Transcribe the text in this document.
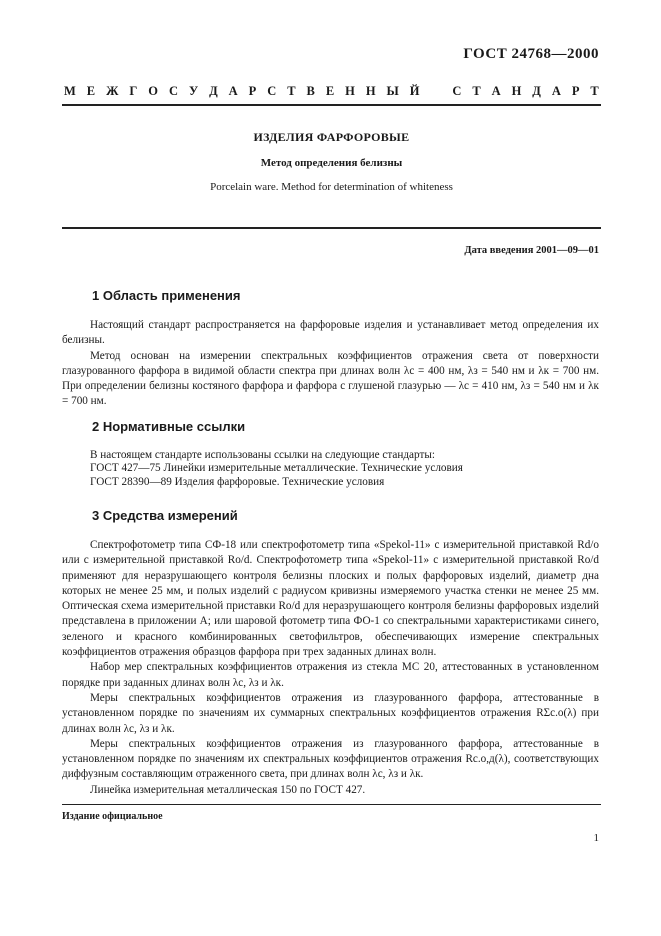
ГОСТ 24768—2000
М Е Ж Г О С У Д А Р С Т В Е Н Н Ы Й	С Т А Н Д А Р Т
ИЗДЕЛИЯ ФАРФОРОВЫЕ
Метод определения белизны
Porcelain ware. Method for determination of whiteness
Дата введения 2001—09—01
1 Область применения

Настоящий стандарт распространяется на фарфоровые изделия и устанавливает метод определения их белизны.

Метод основан на измерении спектральных коэффициентов отражения света от поверхности глазурованного фарфора в видимой области спектра при длинах волн λс = 400 нм, λз = 540 нм и λк = 700 нм. При определении белизны костяного фарфора и фарфора с глушеной глазурью — λс = 410 нм, λз = 540 нм и λк = 700 нм.

2 Нормативные ссылки

В настоящем стандарте использованы ссылки на следующие стандарты:

ГОСТ 427—75 Линейки измерительные металлические. Технические условия
ГОСТ 28390—89 Изделия фарфоровые. Технические условия
3 Средства измерений

Спектрофотометр типа СФ-18 или спектрофотометр типа «Spekol-11» с измерительной приставкой Rd/o или с измерительной приставкой Ro/d. Спектрофотометр типа «Spekol-11» с измерительной приставкой Ro/d применяют для неразрушающего контроля белизны плоских и полых фарфоровых изделий, диаметр дна которых не менее 25 мм, и полых изделий с радиусом кривизны измеряемого участка стенки не менее 25 мм. Оптическая схема измерительной приставки Ro/d для неразрушающего контроля белизны фарфоровых изделий представлена в приложении А; или шаровой фотометр типа ФО-1 со спектральными характеристиками синего, зеленого и красного комбинированных светофильтров, обеспечивающих измерение спектральных коэффициентов отражения образцов фарфора при трех заданных длинах волн.

Набор мер спектральных коэффициентов отражения из стекла МС 20, аттестованных в установленном порядке при заданных длинах волн λс, λз и λк.

Меры спектральных коэффициентов отражения из глазурованного фарфора, аттестованные в установленном порядке по значениям их суммарных спектральных коэффициентов отражения RΣс.о(λ) при длинах волн λс, λз и λк.

Меры спектральных коэффициентов отражения из глазурованного фарфора, аттестованные в установленном порядке по значениям их спектральных коэффициентов отражения Rс.о,д(λ), соответствующих диффузным составляющим отраженного света, при длинах волн λс, λз и λк.

Линейка измерительная металлическая 150 по ГОСТ 427.

Издание официальное
1
